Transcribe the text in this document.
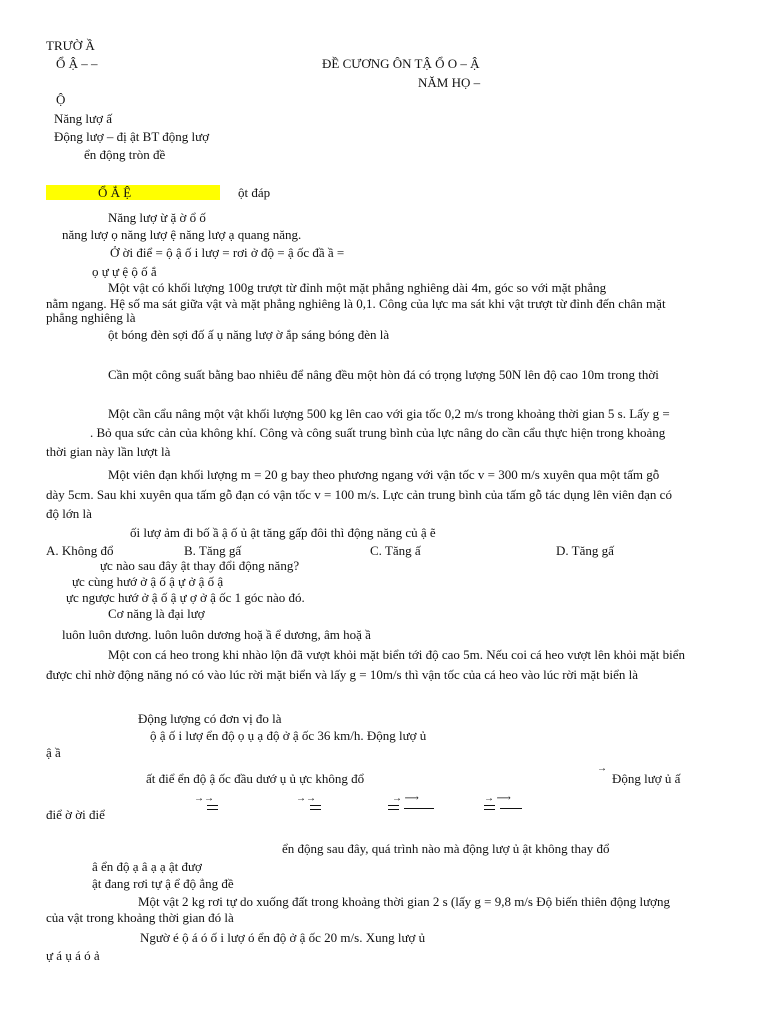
TRƯỜ Ầ
Ổ Ậ – –	ĐỀ CƯƠNG ÔN TẬ Ổ O – Ậ
NĂM HỌ –
Ộ
Năng lượ ấ
Động lượ – đị ật BT động lượ
ển động tròn đề
Ổ Ắ Ệ	ột đáp
Năng lượ ừ ặ ờ ổ ố
năng lượ ọ năng lượ ệ năng lượ ạ quang năng.
Ở ời điể = ộ ậ ố i lượ = rơi ở độ = ậ ốc đầ ầ =
ọ ự ự ệ ộ ố ắ
Một vật có khối lượng 100g trượt từ đỉnh một mặt phẳng nghiêng dài 4m, góc so với mặt phẳng
nằm ngang. Hệ số ma sát giữa vật và mặt phẳng nghiêng là 0,1. Công của lực ma sát khi vật trượt từ đỉnh đến chân mặt
phẳng nghiêng là
ột bóng đèn sợi đố ấ ụ năng lượ ờ ắp sáng bóng đèn là
Cần một công suất bằng bao nhiêu để nâng đều một hòn đá có trọng lượng 50N lên độ cao 10m trong thời
Một cần cẩu nâng một vật khối lượng 500 kg lên cao với gia tốc 0,2 m/s trong khoảng thời gian 5 s. Lấy g =
. Bỏ qua sức cản của không khí. Công và công suất trung bình của lực nâng do cần cẩu thực hiện trong khoảng
thời gian này lần lượt là
Một viên đạn khối lượng m = 20 g bay theo phương ngang với vận tốc v = 300 m/s xuyên qua một tấm gỗ
dày 5cm. Sau khi xuyên qua tấm gỗ đạn có vận tốc v = 100 m/s. Lực cản trung bình của tấm gỗ tác dụng lên viên đạn có
độ lớn là
ối lượ ảm đi bố ầ ậ ố ủ ật tăng gấp đôi thì động năng củ ậ ẽ
A. Không đổ	B. Tăng gấ	C. Tăng ấ	D. Tăng gấ
ực nào sau đây ật thay đổi động năng?
ực cùng hướ ở ậ ố ậ ự ở ậ ố ậ
ực ngược hướ ở ậ ố ậ ự ợ ở ậ ốc 1 góc nào đó.
Cơ năng là đại lượ
luôn luôn dương. luôn luôn dương hoặ ầ ể dương, âm hoặ ầ
Một con cá heo trong khi nhào lộn đã vượt khỏi mặt biển tới độ cao 5m. Nếu coi cá heo vượt lên khỏi mặt biển
được chỉ nhờ động năng nó có vào lúc rời mặt biển và lấy g = 10m/s thì vận tốc của cá heo vào lúc rời mặt biển là
Động lượng có đơn vị đo là
ộ ậ ố i lượ ển độ ọ ụ ạ độ ở ậ ốc 36 km/h. Động lượ ủ
ậ ầ
ất điể ển độ ậ ốc đầu dướ ụ ủ ực không đổ	Động lượ ủ ấ
điể ờ ời điể
→
→→	→→	→ ⟶	→ ⟶
ển động sau đây, quá trình nào mà động lượ ủ ật không thay đổ
â ển độ ạ â ạ ạ ật đượ
ật đang rơi tự ậ ể độ ẳng đề
Một vật 2 kg rơi tự do xuống đất trong khoảng thời gian 2 s (lấy g = 9,8 m/s Độ biến thiên động lượng
của vật trong khoảng thời gian đó là
Ngườ é ộ á ó ố i lượ ó ển độ ở ậ ốc 20 m/s. Xung lượ ủ
ự á ụ á ó ả
